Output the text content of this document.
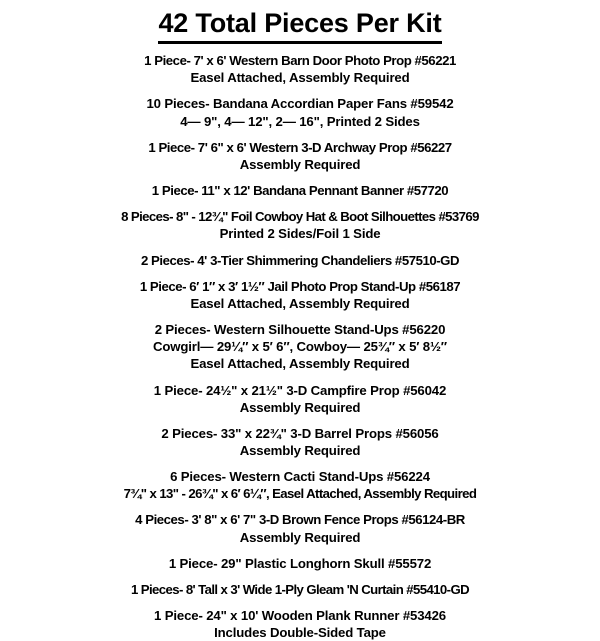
42 Total Pieces Per Kit
1 Piece- 7' x 6' Western Barn Door Photo Prop #56221
Easel Attached, Assembly Required
10 Pieces- Bandana Accordian Paper Fans #59542
4— 9", 4— 12", 2— 16", Printed 2 Sides
1 Piece- 7' 6" x 6' Western 3-D Archway Prop #56227
Assembly Required
1 Piece- 11" x 12' Bandana Pennant Banner #57720
8 Pieces- 8" - 12¾" Foil Cowboy Hat & Boot Silhouettes #53769
Printed 2 Sides/Foil 1 Side
2 Pieces- 4' 3-Tier Shimmering Chandeliers #57510-GD
1 Piece- 6′ 1″ x 3′ 1½″ Jail Photo Prop Stand-Up #56187
Easel Attached, Assembly Required
2 Pieces- Western Silhouette Stand-Ups #56220
Cowgirl— 29¼″ x 5′ 6″, Cowboy— 25¾″ x 5′ 8½″
Easel Attached, Assembly Required
1 Piece- 24½" x 21½" 3-D Campfire Prop #56042
Assembly Required
2 Pieces- 33" x 22¾" 3-D Barrel Props #56056
Assembly Required
6 Pieces- Western Cacti Stand-Ups #56224
7¾" x 13" - 26¾" x 6′ 6¼″, Easel Attached, Assembly Required
4 Pieces- 3' 8" x 6' 7" 3-D Brown Fence Props #56124-BR
Assembly Required
1 Piece- 29" Plastic Longhorn Skull #55572
1 Pieces- 8' Tall x 3' Wide 1-Ply Gleam 'N Curtain #55410-GD
1 Piece- 24" x 10' Wooden Plank Runner #53426
Includes Double-Sided Tape
